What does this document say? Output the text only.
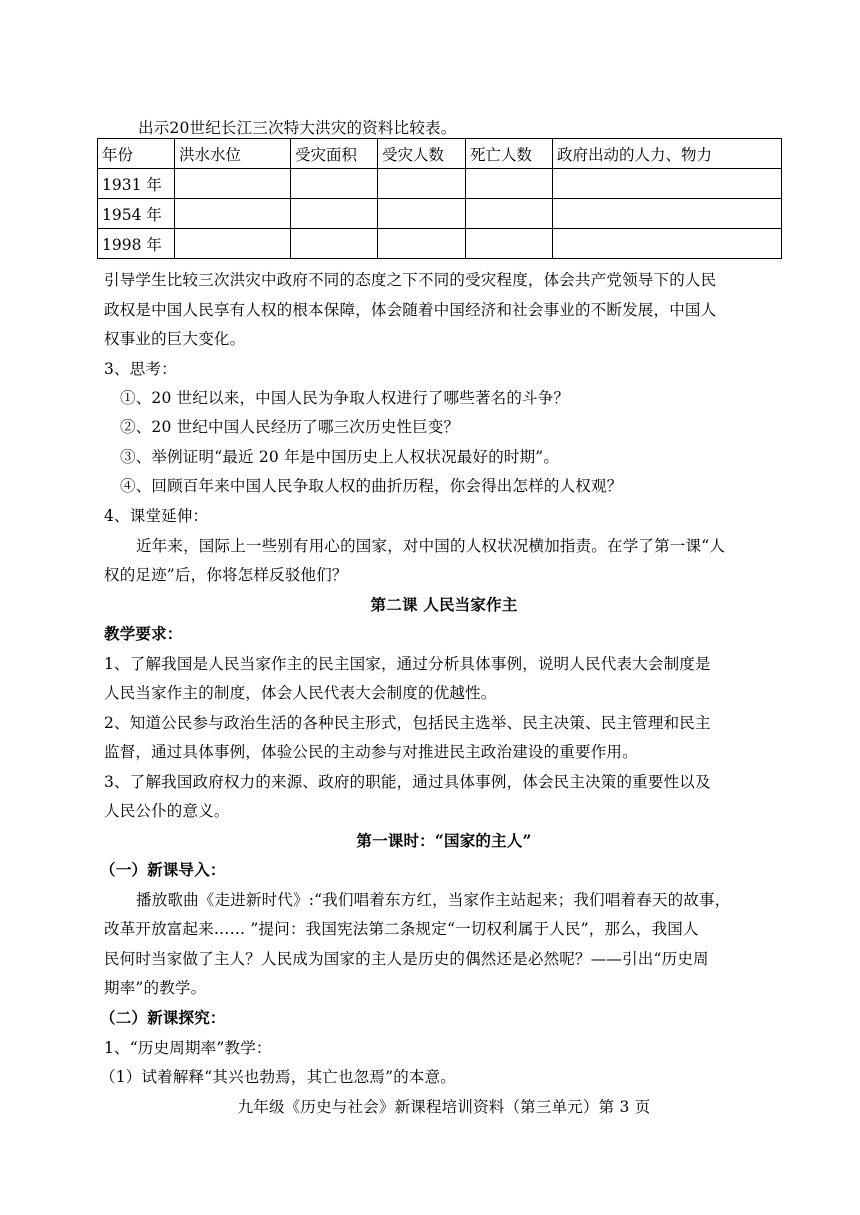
出示20世纪长江三次特大洪灾的资料比较表。
年份	洪水水位	受灾面积	受灾人数	死亡人数	政府出动的人力、物力
1931 年					
1954 年					
1998 年					
引导学生比较三次洪灾中政府不同的态度之下不同的受灾程度，体会共产党领导下的人民
政权是中国人民享有人权的根本保障，体会随着中国经济和社会事业的不断发展，中国人
权事业的巨大变化。
3、思考：
①、20 世纪以来，中国人民为争取人权进行了哪些著名的斗争？
②、20 世纪中国人民经历了哪三次历史性巨变？
③、举例证明“最近 20 年是中国历史上人权状况最好的时期”。
④、回顾百年来中国人民争取人权的曲折历程，你会得出怎样的人权观？
4、课堂延伸：
近年来，国际上一些别有用心的国家，对中国的人权状况横加指责。在学了第一课“人
权的足迹”后，你将怎样反驳他们？
第二课 人民当家作主
教学要求：
1、了解我国是人民当家作主的民主国家，通过分析具体事例，说明人民代表大会制度是
人民当家作主的制度，体会人民代表大会制度的优越性。
2、知道公民参与政治生活的各种民主形式，包括民主选举、民主决策、民主管理和民主
监督，通过具体事例，体验公民的主动参与对推进民主政治建设的重要作用。
3、了解我国政府权力的来源、政府的职能，通过具体事例，体会民主决策的重要性以及
人民公仆的意义。
第一课时：“国家的主人”
（一）新课导入：
播放歌曲《走进新时代》:“我们唱着东方红，当家作主站起来；我们唱着春天的故事，
改革开放富起来…… ”提问：我国宪法第二条规定“一切权利属于人民”，那么，我国人
民何时当家做了主人？人民成为国家的主人是历史的偶然还是必然呢？——引出“历史周
期率”的教学。
（二）新课探究：
1、“历史周期率”教学：
（1）试着解释“其兴也勃焉，其亡也忽焉”的本意。
九年级《历史与社会》新课程培训资料（第三单元）第 3 页
